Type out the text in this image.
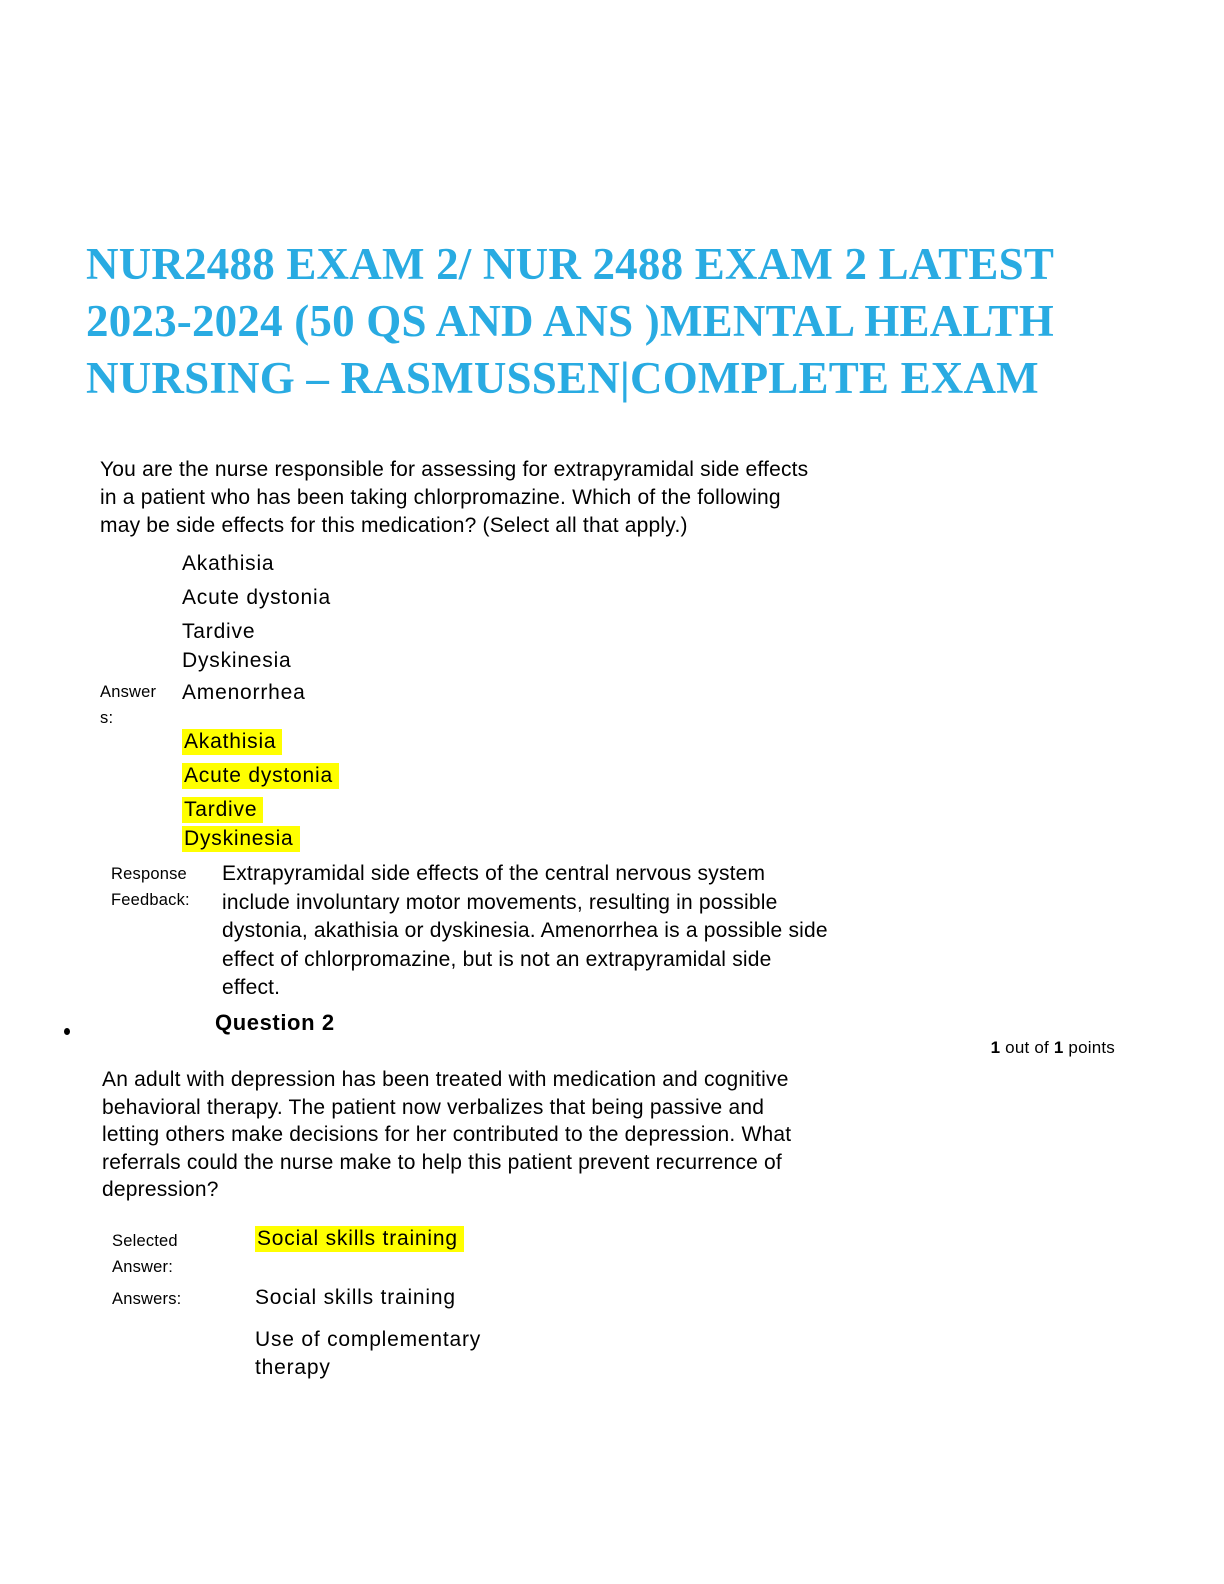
NUR2488 EXAM 2/ NUR 2488 EXAM 2 LATEST
2023-2024 (50 QS AND ANS )MENTAL HEALTH
NURSING – RASMUSSEN|COMPLETE EXAM
You are the nurse responsible for assessing for extrapyramidal side effects
in a patient who has been taking chlorpromazine. Which of the following
may be side effects for this medication? (Select all that apply.)
Akathisia
Acute dystonia
Tardive Dyskinesia
Answers:
Amenorrhea
Akathisia
Acute dystonia
Tardive Dyskinesia
Response Feedback:
Extrapyramidal side effects of the central nervous system
include involuntary motor movements, resulting in possible
dystonia, akathisia or dyskinesia. Amenorrhea is a possible side
effect of chlorpromazine, but is not an extrapyramidal side
effect.
Question 2
1 out of 1 points
An adult with depression has been treated with medication and cognitive
behavioral therapy. The patient now verbalizes that being passive and
letting others make decisions for her contributed to the depression. What
referrals could the nurse make to help this patient prevent recurrence of
depression?
Selected Answer:
Social skills training
Answers:	Social skills training
Use of complementary therapy
